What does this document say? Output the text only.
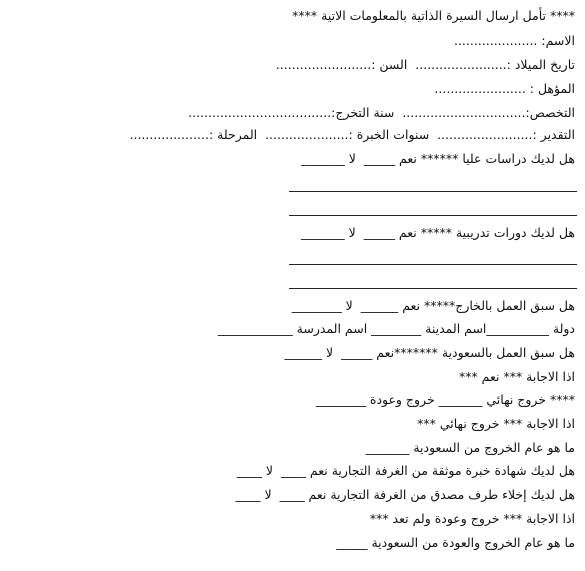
**** تأمل ارسال السيرة الذاتية بالمعلومات الاتية ****
الاسم: .....................
تاريخ الميلاد :.......................  السن :........................
المؤهل : .......................
التخصص:...............................  سنة التخرج:....................................
التقدير :........................  سنوات الخبرة :.....................  المرحلة :....................
هل لديك دراسات عليا ****** نعم _____  لا _______
هل لديك دورات تدريبية ***** نعم _____  لا _______
هل سبق العمل بالخارج***** نعم ______  لا ________
دولة __________اسم المدينة ________ اسم المدرسة ____________
هل سبق العمل بالسعودية *******نعم _____  لا ______
اذا الاجابة *** نعم ***
**** خروج نهائي _______ خروج وعودة ________
اذا الاجابة *** خروج نهائي ***
ما هو عام الخروج من السعودية _______
هل لديك شهادة خبرة موثقة من الغرفة التجارية نعم ____  لا ____
هل لديك إخلاء طرف مصدق من الغرفة التجارية نعم ____  لا ____
اذا الاجابة *** خروج وعودة ولم تعد ***
ما هو عام الخروج والعودة من السعودية _____
